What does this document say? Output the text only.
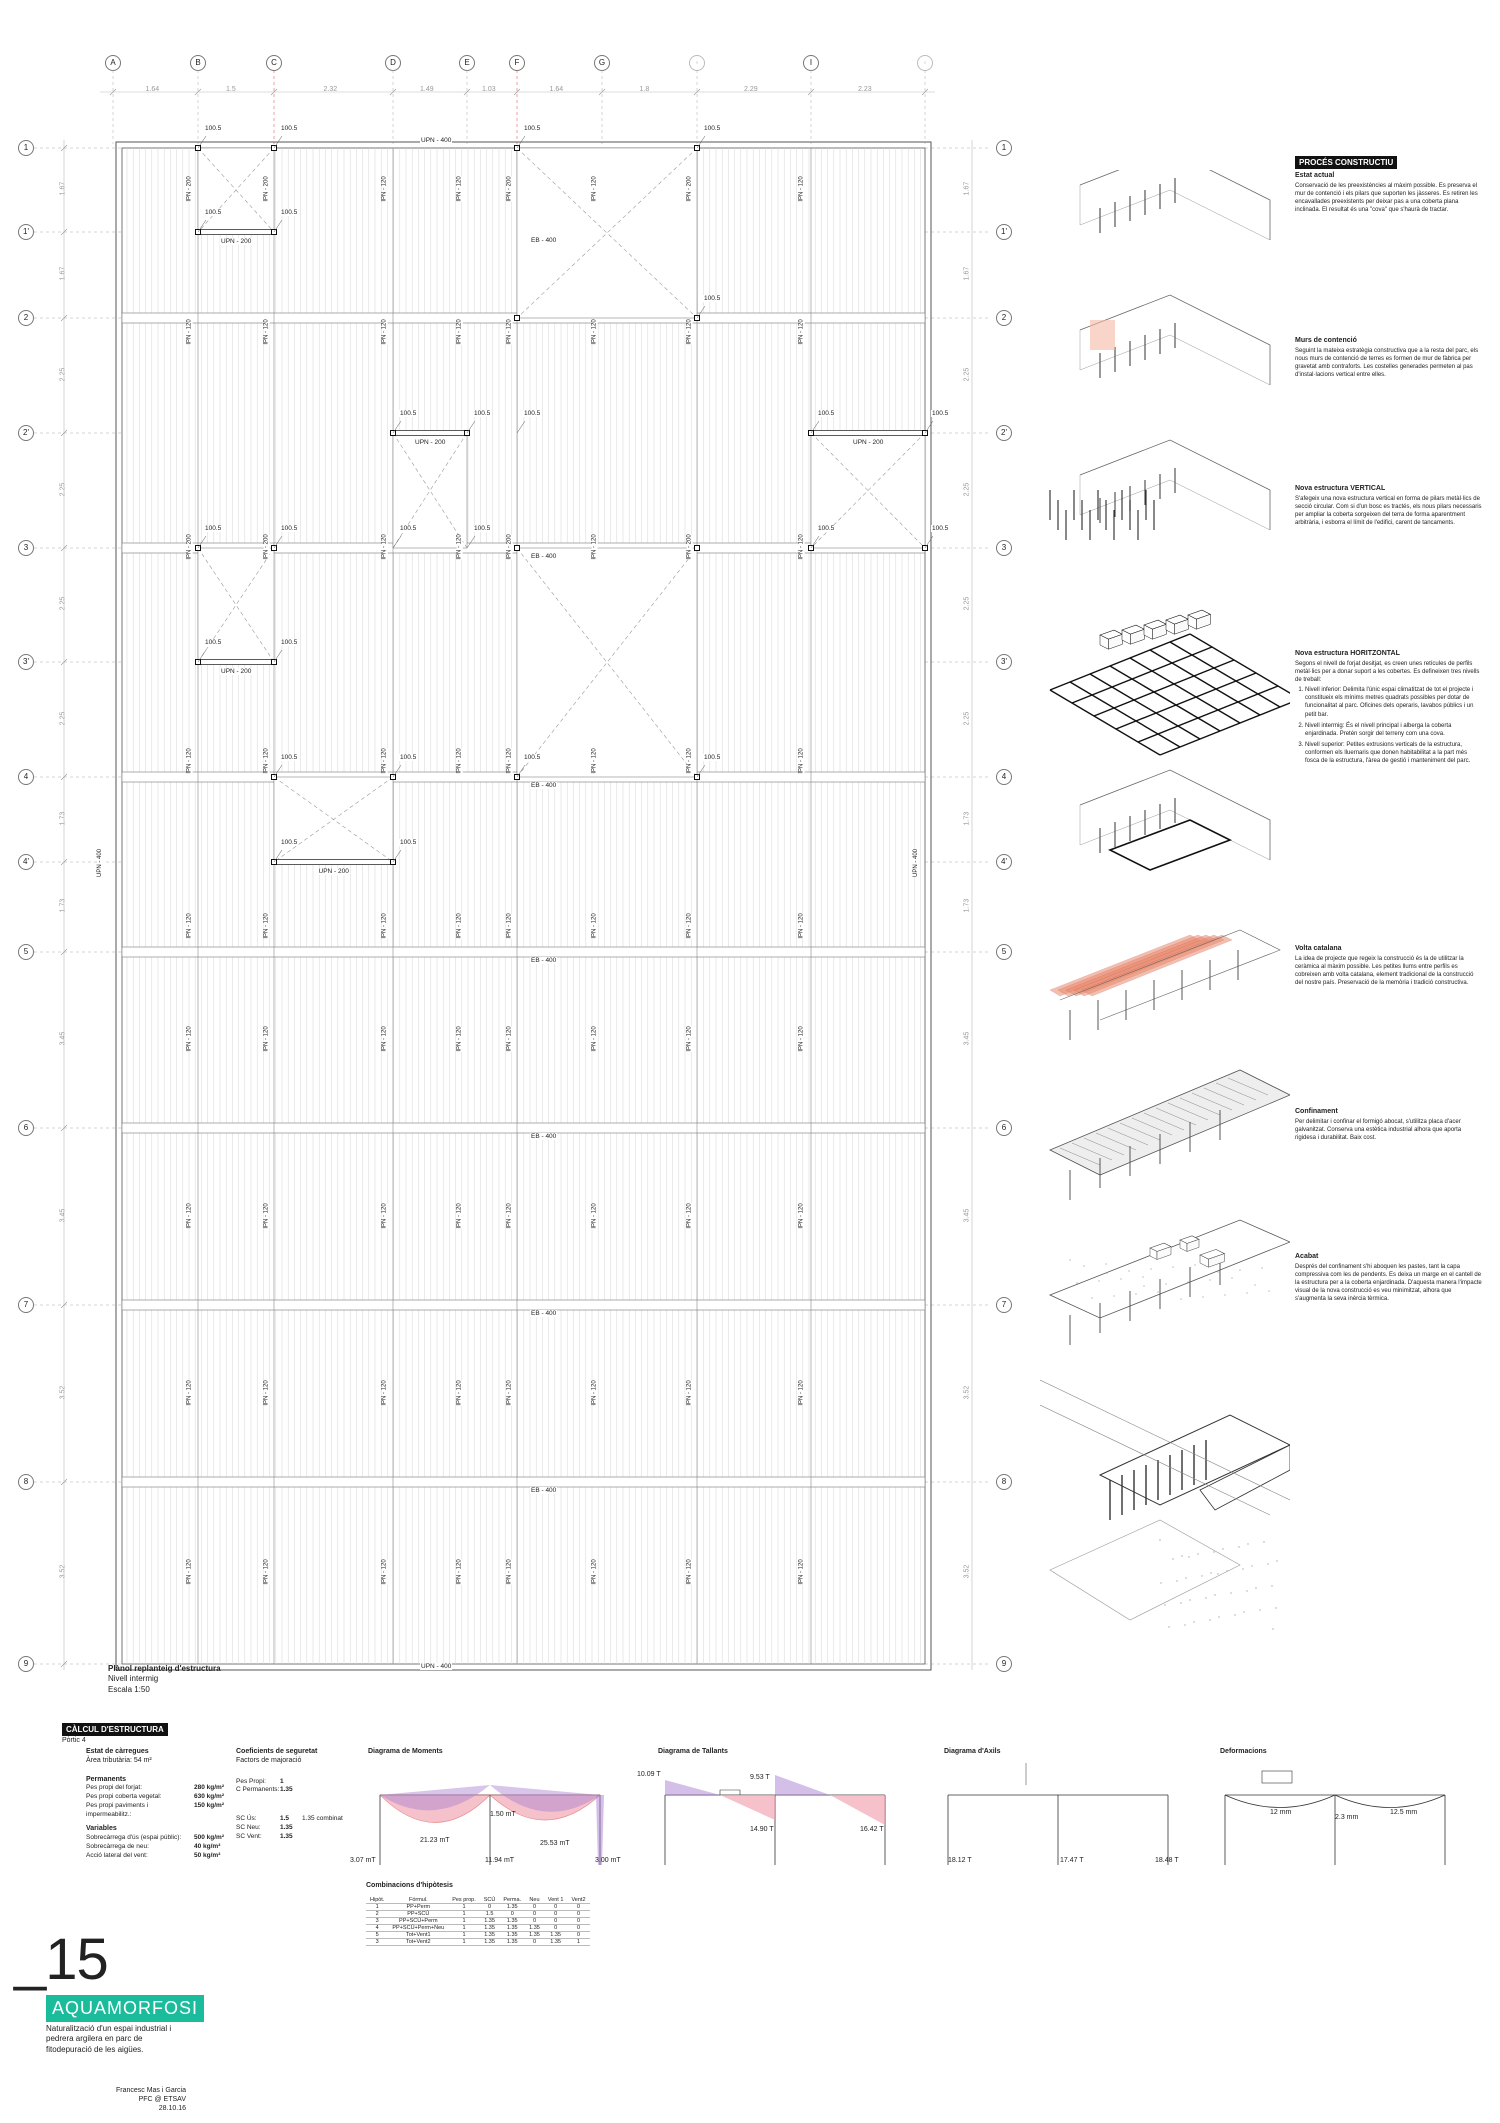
A	B	C	D	E	F	G	◦	I	◦
1.64	1.5	2.32	1.49	1.03	1.64	1.8	2.29	2.23
1	1
1'	1'
2	2
2'	2'
3	3
3'	3'
4	4
4'	4'
5	5
6	6
7	7
8	8
9	9
1.67	1.67
1.67	1.67
2.25	2.25
2.25	2.25
2.25	2.25
2.25	2.25
1.73	1.73
1.73	1.73
3.45	3.45
3.45	3.45
3.52	3.52
3.52	3.52
UPN - 400
UPN - 400
UPN - 400	UPN - 400
UPN - 200
UPN - 200	UPN - 200
UPN - 200
UPN - 200
EB - 400
EB - 400
EB - 400
EB - 400
EB - 400
EB - 400
EB - 400
IPN - 200	IPN - 200	IPN - 120	IPN - 120	IPN - 200	IPN - 120	IPN - 200	IPN - 120
IPN - 120	IPN - 120	IPN - 120	IPN - 120	IPN - 120	IPN - 120	IPN - 120	IPN - 120
IPN - 200	IPN - 200	IPN - 120	IPN - 120	IPN - 200	IPN - 120	IPN - 200	IPN - 120
IPN - 120	IPN - 120	IPN - 120	IPN - 120	IPN - 120	IPN - 120	IPN - 120	IPN - 120
IPN - 120	IPN - 120	IPN - 120	IPN - 120	IPN - 120	IPN - 120	IPN - 120	IPN - 120
IPN - 120	IPN - 120	IPN - 120	IPN - 120	IPN - 120	IPN - 120	IPN - 120	IPN - 120
IPN - 120	IPN - 120	IPN - 120	IPN - 120	IPN - 120	IPN - 120	IPN - 120	IPN - 120
IPN - 120	IPN - 120	IPN - 120	IPN - 120	IPN - 120	IPN - 120	IPN - 120	IPN - 120
IPN - 120	IPN - 120	IPN - 120	IPN - 120	IPN - 120	IPN - 120	IPN - 120	IPN - 120
100.5	100.5	100.5	100.5
100.5	100.5
100.5
100.5	100.5	100.5	100.5	100.5
100.5	100.5	100.5	100.5	100.5	100.5
100.5	100.5
100.5	100.5
100.5	100.5
100.5	100.5
Plànol replanteig d'estructura
Nivell intermig
Escala 1:50
PROCÉS CONSTRUCTIU
Estat actual

Conservació de les preexistències al màxim possible. Es preserva el mur de contenció i els pilars que suporten les jàsseres. Es retiren les encavallades preexistents per deixar pas a una coberta plana inclinada. El resultat és una "cova" que s'haurà de tractar.

Murs de contenció

Seguint la mateixa estratègia constructiva que a la resta del parc, els nous murs de contenció de terres es formen de mur de fàbrica per gravetat amb contraforts. Les costelles generades permeten al pas d'instal·lacions vertical entre elles.

Nova estructura VERTICAL

S'afegeix una nova estructura vertical en forma de pilars metàl·lics de secció circular. Com si d'un bosc es tractés, els nous pilars necessaris per ampliar la coberta sorgeixen del terra de forma aparentment arbitrària, i esborra el límit de l'edifici, carent de tancaments.

Nova estructura HORITZONTAL

Segons el nivell de forjat desitjat, es creen unes retícules de perfils metàl·lics per a donar suport a les cobertes. Es defineixen tres nivells de treball:

1. Nivell inferior: Delimita l'únic espai climatitzat de tot el projecte i constitueix els mínims metres quadrats possibles per dotar de funcionalitat al parc. Oficines dels operaris, lavabos públics i un petit bar.
2. Nivell intermig: És el nivell principal i alberga la coberta enjardinada. Pretén sorgir del terreny com una cova.
3. Nivell superior: Petites extrusions verticals de la estructura, conformen els lluernaris que donen habitabilitat a la part més fosca de la estructura, l'àrea de gestió i manteniment del parc.
Volta catalana

La idea de projecte que regeix la construcció és la de utilitzar la ceràmica al màxim possible. Les petites llums entre perfils es cobreixen amb volta catalana, element tradicional de la construcció del nostre país. Preservació de la memòria i tradició constructiva.

Confinament

Per delimitar i confinar el formigó abocat, s'utilitza placa d'acer galvanitzat. Conserva una estètica industrial alhora que aporta rigidesa i durabilitat. Baix cost.

Acabat

Després del confinament s'hi aboquen les pastes, tant la capa compressiva com les de pendents. Es deixa un marge en el cantell de la estructura per a la coberta enjardinada. D'aquesta manera l'impacte visual de la nova construcció es veu minimitzat, alhora que s'augmenta la seva inèrcia tèrmica.

CÀLCUL D'ESTRUCTURA
Pòrtic 4
Estat de càrregues
Àrea tributària: 54 m²
Permanents
Pes propi del forjat:	280 kg/m²
Pes propi coberta vegetal:	630 kg/m²
Pes propi paviments i impermeabilitz.:
150 kg/m²
Variables
Sobrecàrrega d'ús (espai públic):	500 kg/m²
Sobrecàrrega de neu:	40 kg/m²
Acció lateral del vent:	50 kg/m²
Coeficients de seguretat
Factors de majoració
Pes Propi:	1
C Permanents: 1.35
SC Ús:	1.5	1.35 combinat
SC Neu:	1.35
SC Vent:	1.35
Diagrama de Moments	Diagrama de Tallants	Diagrama d'Axils	Deformacions
21.23 mT
1.50 mT
25.53 mT
3.07 mT	11.94 mT	3.00 mT
10.09 T	9.53 T
14.90 T	16.42 T
18.12 T	17.47 T	18.48 T
12 mm
2.3 mm
12.5 mm
Combinacions d'hipòtesis
Hipòt.	Fórmul.	Pes prop.	SCÚ	Perma.	Neu	Vent 1	Vent2
1	PP+Perm	1	0	1.35	0	0	0
2	PP+SCÚ	1	1.5	0	0	0	0
3	PP+SCÚ+Perm	1	1.35	1.35	0	0	0
4	PP+SCÚ+Perm+Neu	1	1.35	1.35	1.35	0	0
5	Tot+Vent1	1	1.35	1.35	1.35	1.35	0
3	Tot+Vent2	1	1.35	1.35	0	1.35	1
_15
AQUAMORFOSI
Naturalització d'un espai industrial i pedrera argilera en parc de fitodepuració de les aigües.
Francesc Mas i Garcia
PFC @ ETSAV
28.10.16
